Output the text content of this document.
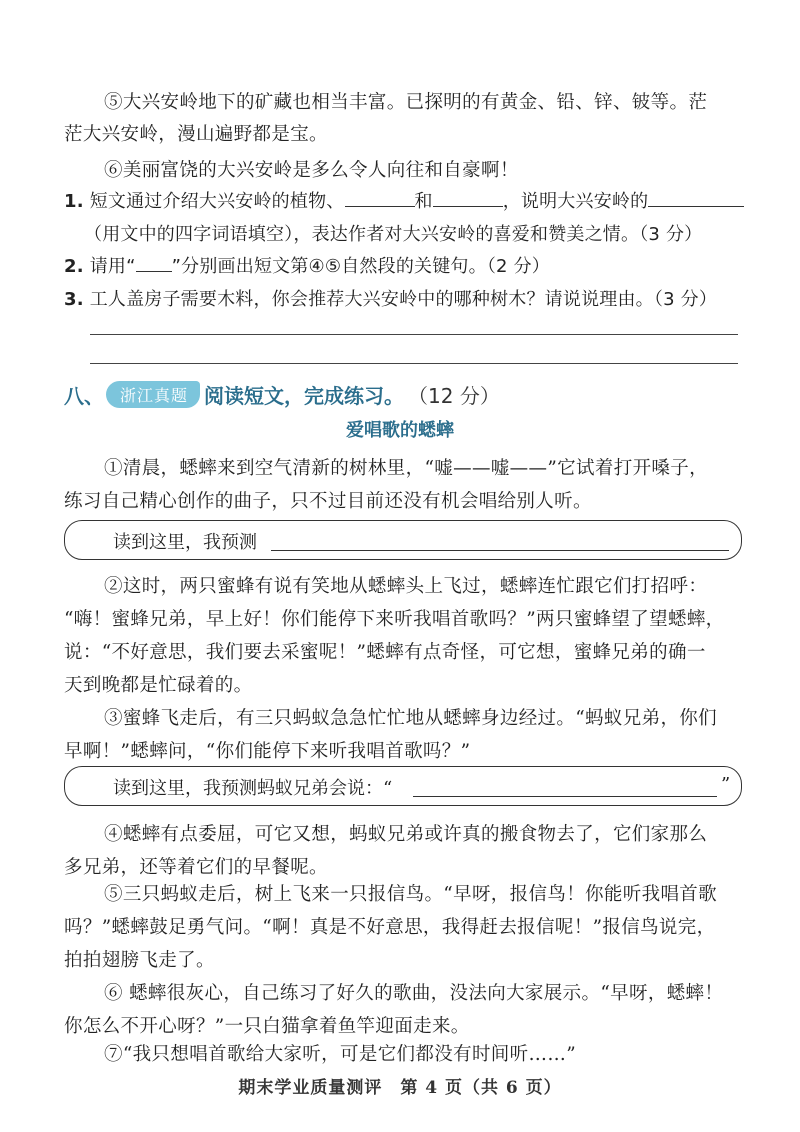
⑤大兴安岭地下的矿藏也相当丰富。已探明的有黄金、铅、锌、铍等。茫
茫大兴安岭，漫山遍野都是宝。
⑥美丽富饶的大兴安岭是多么令人向往和自豪啊！
1. 短文通过介绍大兴安岭的植物、	和	，说明大兴安岭的
（用文中的四字词语填空），表达作者对大兴安岭的喜爱和赞美之情。（3 分）
2. 请用“ ”分别画出短文第④⑤自然段的关键句。（2 分）
3. 工人盖房子需要木料，你会推荐大兴安岭中的哪种树木？请说说理由。（3 分）
八、	浙江真题 阅读短文，完成练习。 （12 分）
爱唱歌的蟋蟀
①清晨，蟋蟀来到空气清新的树林里，“嘘——嘘——”它试着打开嗓子，
练习自己精心创作的曲子，只不过目前还没有机会唱给别人听。
读到这里，我预测
②这时，两只蜜蜂有说有笑地从蟋蟀头上飞过，蟋蟀连忙跟它们打招呼：
“嗨！蜜蜂兄弟，早上好！你们能停下来听我唱首歌吗？”两只蜜蜂望了望蟋蟀，
说：“不好意思，我们要去采蜜呢！”蟋蟀有点奇怪，可它想，蜜蜂兄弟的确一
天到晚都是忙碌着的。
③蜜蜂飞走后，有三只蚂蚁急急忙忙地从蟋蟀身边经过。“蚂蚁兄弟，你们
早啊！”蟋蟀问，“你们能停下来听我唱首歌吗？”
读到这里，我预测蚂蚁兄弟会说：“	”
④蟋蟀有点委屈，可它又想，蚂蚁兄弟或许真的搬食物去了，它们家那么
多兄弟，还等着它们的早餐呢。
⑤三只蚂蚁走后，树上飞来一只报信鸟。“早呀，报信鸟！你能听我唱首歌
吗？”蟋蟀鼓足勇气问。“啊！真是不好意思，我得赶去报信呢！”报信鸟说完，
拍拍翅膀飞走了。
⑥ 蟋蟀很灰心，自己练习了好久的歌曲，没法向大家展示。“早呀，蟋蟀！
你怎么不开心呀？”一只白猫拿着鱼竿迎面走来。
⑦“我只想唱首歌给大家听，可是它们都没有时间听……”
期末学业质量测评　第 4 页（共 6 页）
